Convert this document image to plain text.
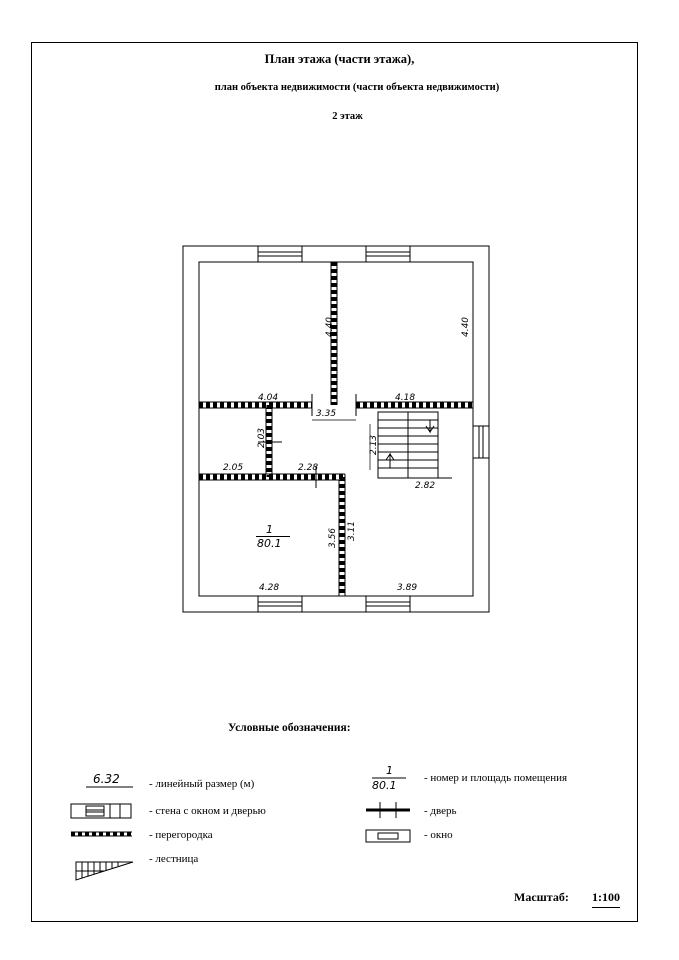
План этажа (части этажа),
план объекта недвижимости (части объекта недвижимости)
2 этаж
4.40	4.40
4.04	4.18
3.35
2.03	2.13
2.05	2.28
2.82
3.56 3.11
4.28	3.89
1
80.1
Условные обозначения:
6.32	- линейный размер (м)
- стена с окном и дверью
- перегородка
- лестница
1
80.1
- номер и площадь помещения
- дверь
- окно
Масштаб: 1:100
